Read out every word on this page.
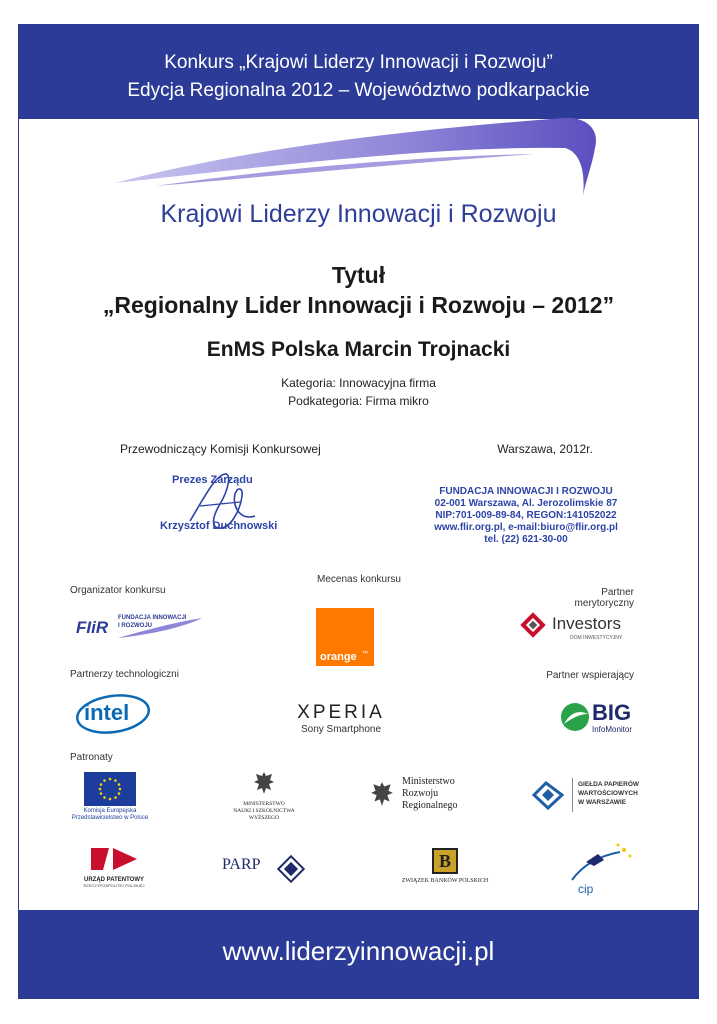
Konkurs „Krajowi Liderzy Innowacji i Rozwoju”
Edycja Regionalna 2012 – Województwo podkarpackie
www.liderzyinnowacji.pl
Krajowi Liderzy Innowacji i Rozwoju
Tytuł
„Regionalny Lider Innowacji i Rozwoju – 2012”
EnMS Polska Marcin Trojnacki
Kategoria: Innowacyjna firma
Podkategoria: Firma mikro
Przewodniczący Komisji Konkursowej	Warszawa, 2012r.
Prezes Zarządu
Krzysztof Duchnowski
FUNDACJA INNOWACJI I ROZWOJU
02-001 Warszawa, Al. Jerozolimskie 87
NIP:701-009-89-84, REGON:141052022
www.flir.org.pl, e-mail:biuro@flir.org.pl
tel. (22) 621-30-00
Organizator konkursu
Mecenas konkursu
Partner merytoryczny
FIiR FUNDACJA INNOWACJI
I ROZWOJU
orange ™
Investors
DOM INWESTYCYJNY
Partnerzy technologiczni	Partner wspierający
intel	XPERIA
Sony Smartphone
BIG
InfoMonitor
Patronaty
Komisja Europejska
Przedstawicielstwo w Polsce
MINISTERSTWO
NAUKI I SZKOLNICTWA
WYŻSZEGO
Ministerstwo
Rozwoju
Regionalnego
GIEŁDA PAPIERÓW
WARTOŚCIOWYCH
W WARSZAWIE
URZĄD PATENTOWY
RZECZYPOSPOLITEJ POLSKIEJ
PARP	B
ZWIĄZEK BANKÓW POLSKICH
cip
